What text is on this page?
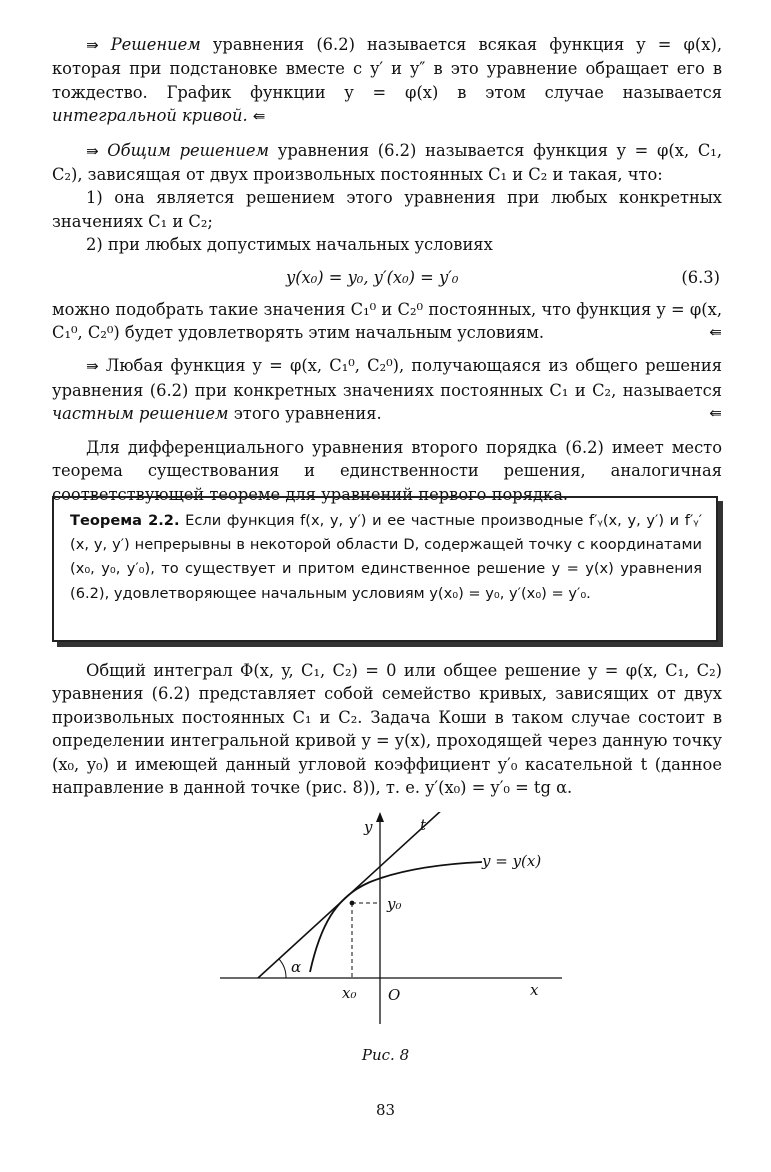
⇛ Решением уравнения (6.2) называется всякая функция y = φ(x), которая при подстановке вместе с y′ и y″ в это уравнение обращает его в тождество. График функции y = φ(x) в этом случае называется интегральной кривой. ⇚

⇛ Общим решением уравнения (6.2) называется функция y = φ(x, C₁, C₂), зависящая от двух произвольных постоянных C₁ и C₂ и такая, что:

1) она является решением этого уравнения при любых конкретных значениях C₁ и C₂;

2) при любых допустимых начальных условиях

y(x₀) = y₀, y′(x₀) = y′₀	(6.3)

можно подобрать такие значения C₁⁰ и C₂⁰ постоянных, что функция y = φ(x, C₁⁰, C₂⁰) будет удовлетворять этим начальным условиям.	⇚

⇛ Любая функция y = φ(x, C₁⁰, C₂⁰), получающаяся из общего решения уравнения (6.2) при конкретных значениях постоянных C₁ и C₂, называется частным решением этого уравнения.	⇚

Для дифференциального уравнения второго порядка (6.2) имеет место теорема существования и единственности решения, аналогичная соответствующей теореме для уравнений первого порядка.

Теорема 2.2. Если функция f(x, y, y′) и ее частные производные f′ᵧ(x, y, y′) и f′ᵧ′(x, y, y′) непрерывны в некоторой области D, содержащей точку с координатами (x₀, y₀, y′₀), то существует и притом единственное решение y = y(x) уравнения (6.2), удовлетворяющее начальным условиям y(x₀) = y₀, y′(x₀) = y′₀.

Общий интеграл Φ(x, y, C₁, C₂) = 0 или общее решение y = φ(x, C₁, C₂) уравнения (6.2) представляет собой семейство кривых, зависящих от двух произвольных постоянных C₁ и C₂. Задача Коши в таком случае состоит в определении интегральной кривой y = y(x), проходящей через данную точку (x₀, y₀) и имеющей данный угловой коэффициент y′₀ касательной t (данное направление в данной точке (рис. 8)), т. е. y′(x₀) = y′₀ = tg α.

y	t
y = y(x)
y₀
α
x₀ O	x
Рис. 8
83
